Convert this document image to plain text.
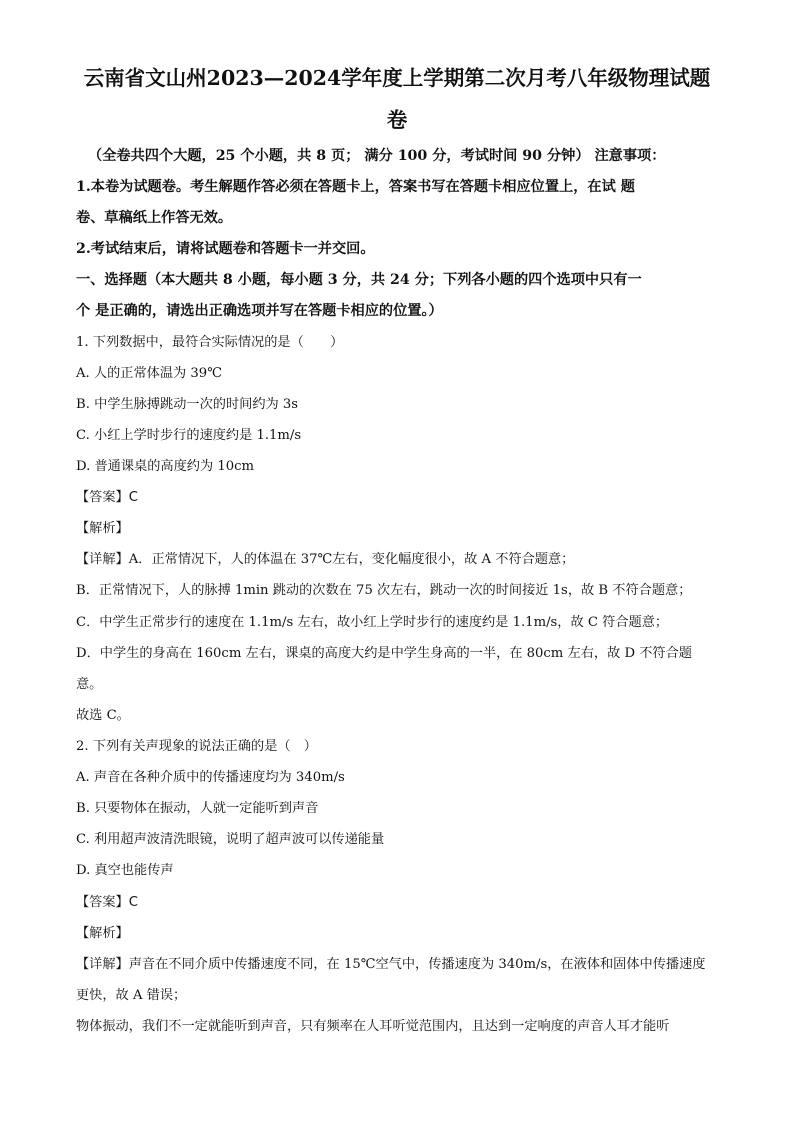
云南省文山州2023—2024学年度上学期第二次月考八年级物理试题
卷
（全卷共四个大题，25 个小题，共 8 页； 满分 100 分，考试时间 90 分钟） 注意事项：
1.本卷为试题卷。考生解题作答必须在答题卡上，答案书写在答题卡相应位置上，在试 题
卷、草稿纸上作答无效。
2.考试结束后，请将试题卷和答题卡一并交回。
一、选择题（本大题共 8 小题，每小题 3 分，共 24 分；下列各小题的四个选项中只有一
个 是正确的，请选出正确选项并写在答题卡相应的位置。）
1. 下列数据中，最符合实际情况的是（　　）
A. 人的正常体温为 39℃
B. 中学生脉搏跳动一次的时间约为 3s
C. 小红上学时步行的速度约是 1.1m/s
D. 普通课桌的高度约为 10cm
【答案】C
【解析】
【详解】A．正常情况下，人的体温在 37℃左右，变化幅度很小，故 A 不符合题意；
B．正常情况下，人的脉搏 1min 跳动的次数在 75 次左右，跳动一次的时间接近 1s，故 B 不符合题意；
C．中学生正常步行的速度在 1.1m/s 左右，故小红上学时步行的速度约是 1.1m/s，故 C 符合题意；
D．中学生的身高在 160cm 左右，课桌的高度大约是中学生身高的一半，在 80cm 左右，故 D 不符合题
意。
故选 C。
2. 下列有关声现象的说法正确的是（　）
A. 声音在各种介质中的传播速度均为 340m/s
B. 只要物体在振动，人就一定能听到声音
C. 利用超声波清洗眼镜，说明了超声波可以传递能量
D. 真空也能传声
【答案】C
【解析】
【详解】声音在不同介质中传播速度不同，在 15℃空气中，传播速度为 340m/s，在液体和固体中传播速度
更快，故 A 错误；
物体振动，我们不一定就能听到声音，只有频率在人耳听觉范围内，且达到一定响度的声音人耳才能听
